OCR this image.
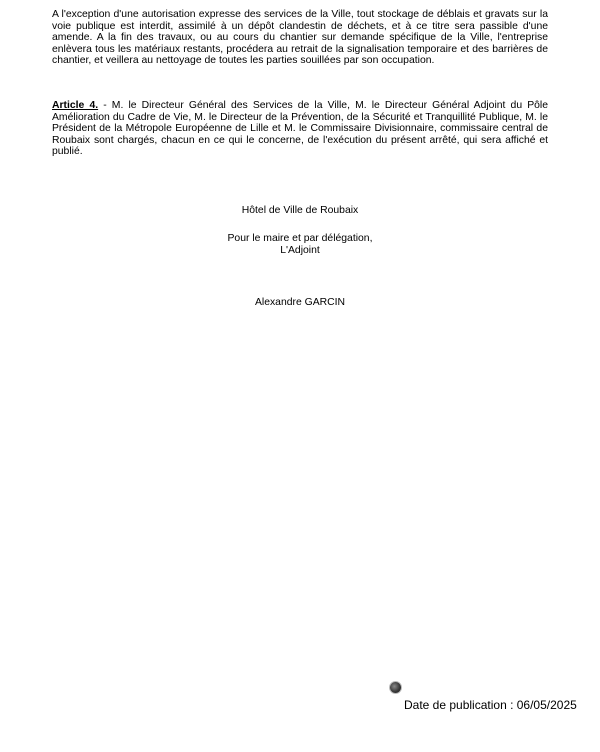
A l'exception d'une autorisation expresse des services de la Ville, tout stockage de déblais et gravats sur la voie publique est interdit, assimilé à un dépôt clandestin de déchets, et à ce titre sera passible d'une amende. A la fin des travaux, ou au cours du chantier sur demande spécifique de la Ville, l'entreprise enlèvera tous les matériaux restants, procédera au retrait de la signalisation temporaire et des barrières de chantier, et veillera au nettoyage de toutes les parties souillées par son occupation.

Article 4. - M. le Directeur Général des Services de la Ville, M. le Directeur Général Adjoint du Pôle Amélioration du Cadre de Vie, M. le Directeur de la Prévention, de la Sécurité et Tranquillité Publique, M. le Président de la Métropole Européenne de Lille et M. le Commissaire Divisionnaire, commissaire central de Roubaix sont chargés, chacun en ce qui le concerne, de l'exécution du présent arrêté, qui sera affiché et publié.

Hôtel de Ville de Roubaix

Pour le maire et par délégation,

L'Adjoint

Alexandre GARCIN

Date de publication : 06/05/2025
